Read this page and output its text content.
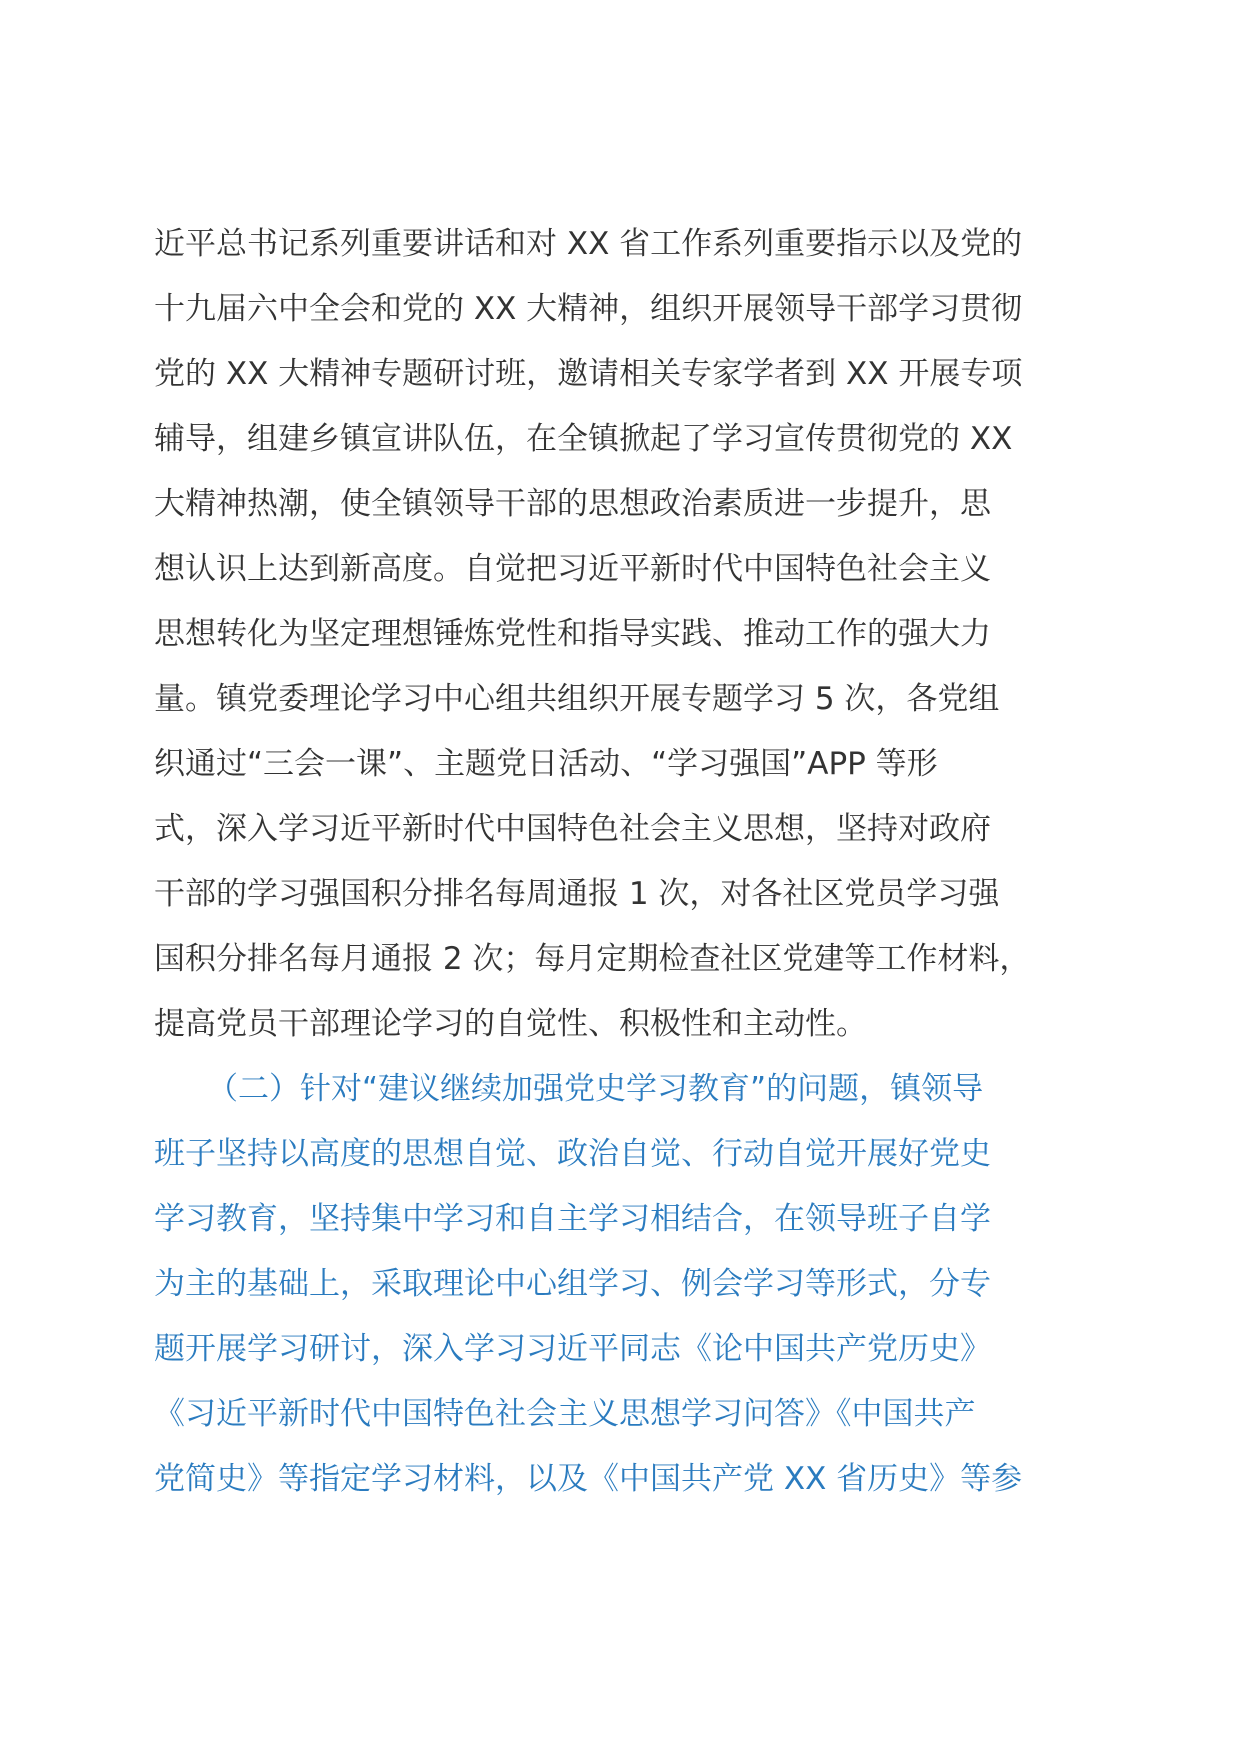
近平总书记系列重要讲话和对 XX 省工作系列重要指示以及党的
十九届六中全会和党的 XX 大精神，组织开展领导干部学习贯彻
党的 XX 大精神专题研讨班，邀请相关专家学者到 XX 开展专项
辅导，组建乡镇宣讲队伍，在全镇掀起了学习宣传贯彻党的 XX
大精神热潮，使全镇领导干部的思想政治素质进一步提升，思
想认识上达到新高度。自觉把习近平新时代中国特色社会主义
思想转化为坚定理想锤炼党性和指导实践、推动工作的强大力
量。镇党委理论学习中心组共组织开展专题学习 5 次，各党组
织通过“三会一课”、主题党日活动、“学习强国”APP 等形
式，深入学习近平新时代中国特色社会主义思想，坚持对政府
干部的学习强国积分排名每周通报 1 次，对各社区党员学习强
国积分排名每月通报 2 次；每月定期检查社区党建等工作材料，
提高党员干部理论学习的自觉性、积极性和主动性。
（二）针对“建议继续加强党史学习教育”的问题，镇领导
班子坚持以高度的思想自觉、政治自觉、行动自觉开展好党史
学习教育，坚持集中学习和自主学习相结合，在领导班子自学
为主的基础上，采取理论中心组学习、例会学习等形式，分专
题开展学习研讨，深入学习习近平同志《论中国共产党历史》
《习近平新时代中国特色社会主义思想学习问答》《中国共产
党简史》等指定学习材料，以及《中国共产党 XX 省历史》等参
